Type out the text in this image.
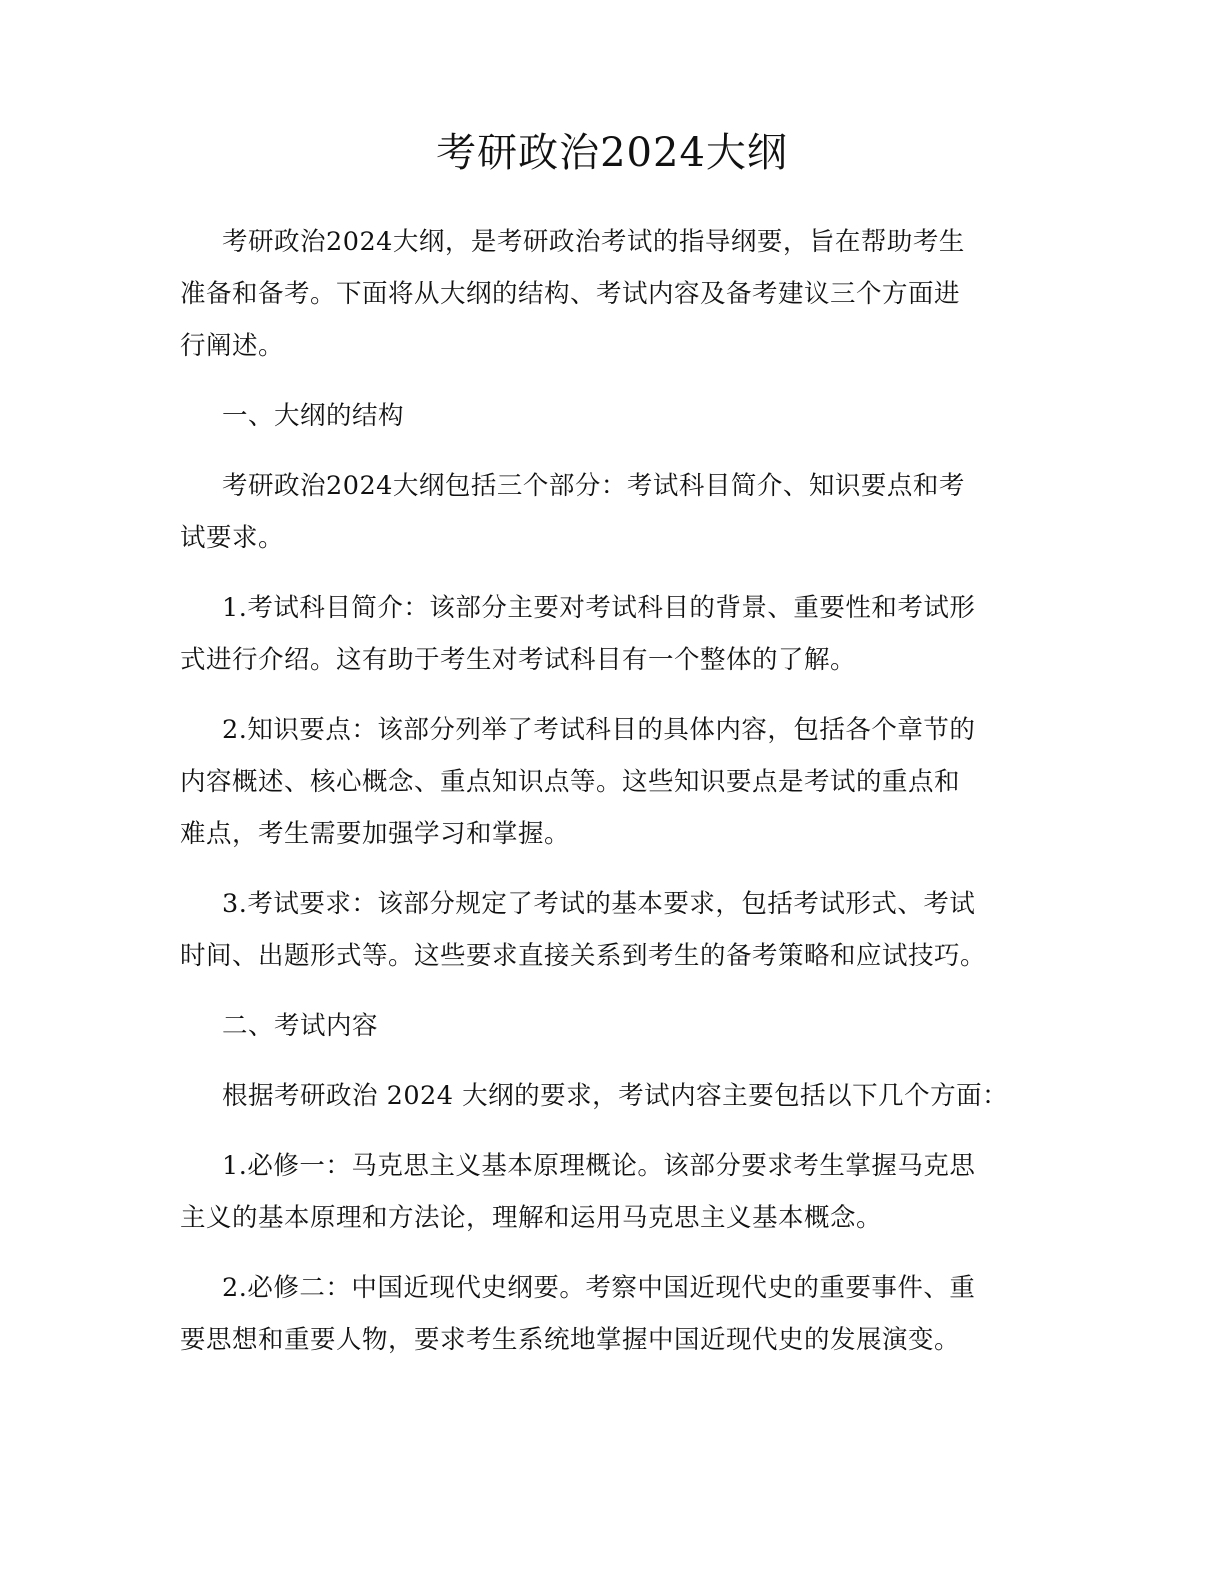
考研政治2024大纲

考研政治2024大纲，是考研政治考试的指导纲要，旨在帮助考生
准备和备考。下面将从大纲的结构、考试内容及备考建议三个方面进
行阐述。

一、大纲的结构

考研政治2024大纲包括三个部分：考试科目简介、知识要点和考
试要求。

1.考试科目简介：该部分主要对考试科目的背景、重要性和考试形
式进行介绍。这有助于考生对考试科目有一个整体的了解。

2.知识要点：该部分列举了考试科目的具体内容，包括各个章节的
内容概述、核心概念、重点知识点等。这些知识要点是考试的重点和
难点，考生需要加强学习和掌握。

3.考试要求：该部分规定了考试的基本要求，包括考试形式、考试
时间、出题形式等。这些要求直接关系到考生的备考策略和应试技巧。

二、考试内容

根据考研政治 2024 大纲的要求，考试内容主要包括以下几个方面：

1.必修一：马克思主义基本原理概论。该部分要求考生掌握马克思
主义的基本原理和方法论，理解和运用马克思主义基本概念。

2.必修二：中国近现代史纲要。考察中国近现代史的重要事件、重
要思想和重要人物，要求考生系统地掌握中国近现代史的发展演变。
